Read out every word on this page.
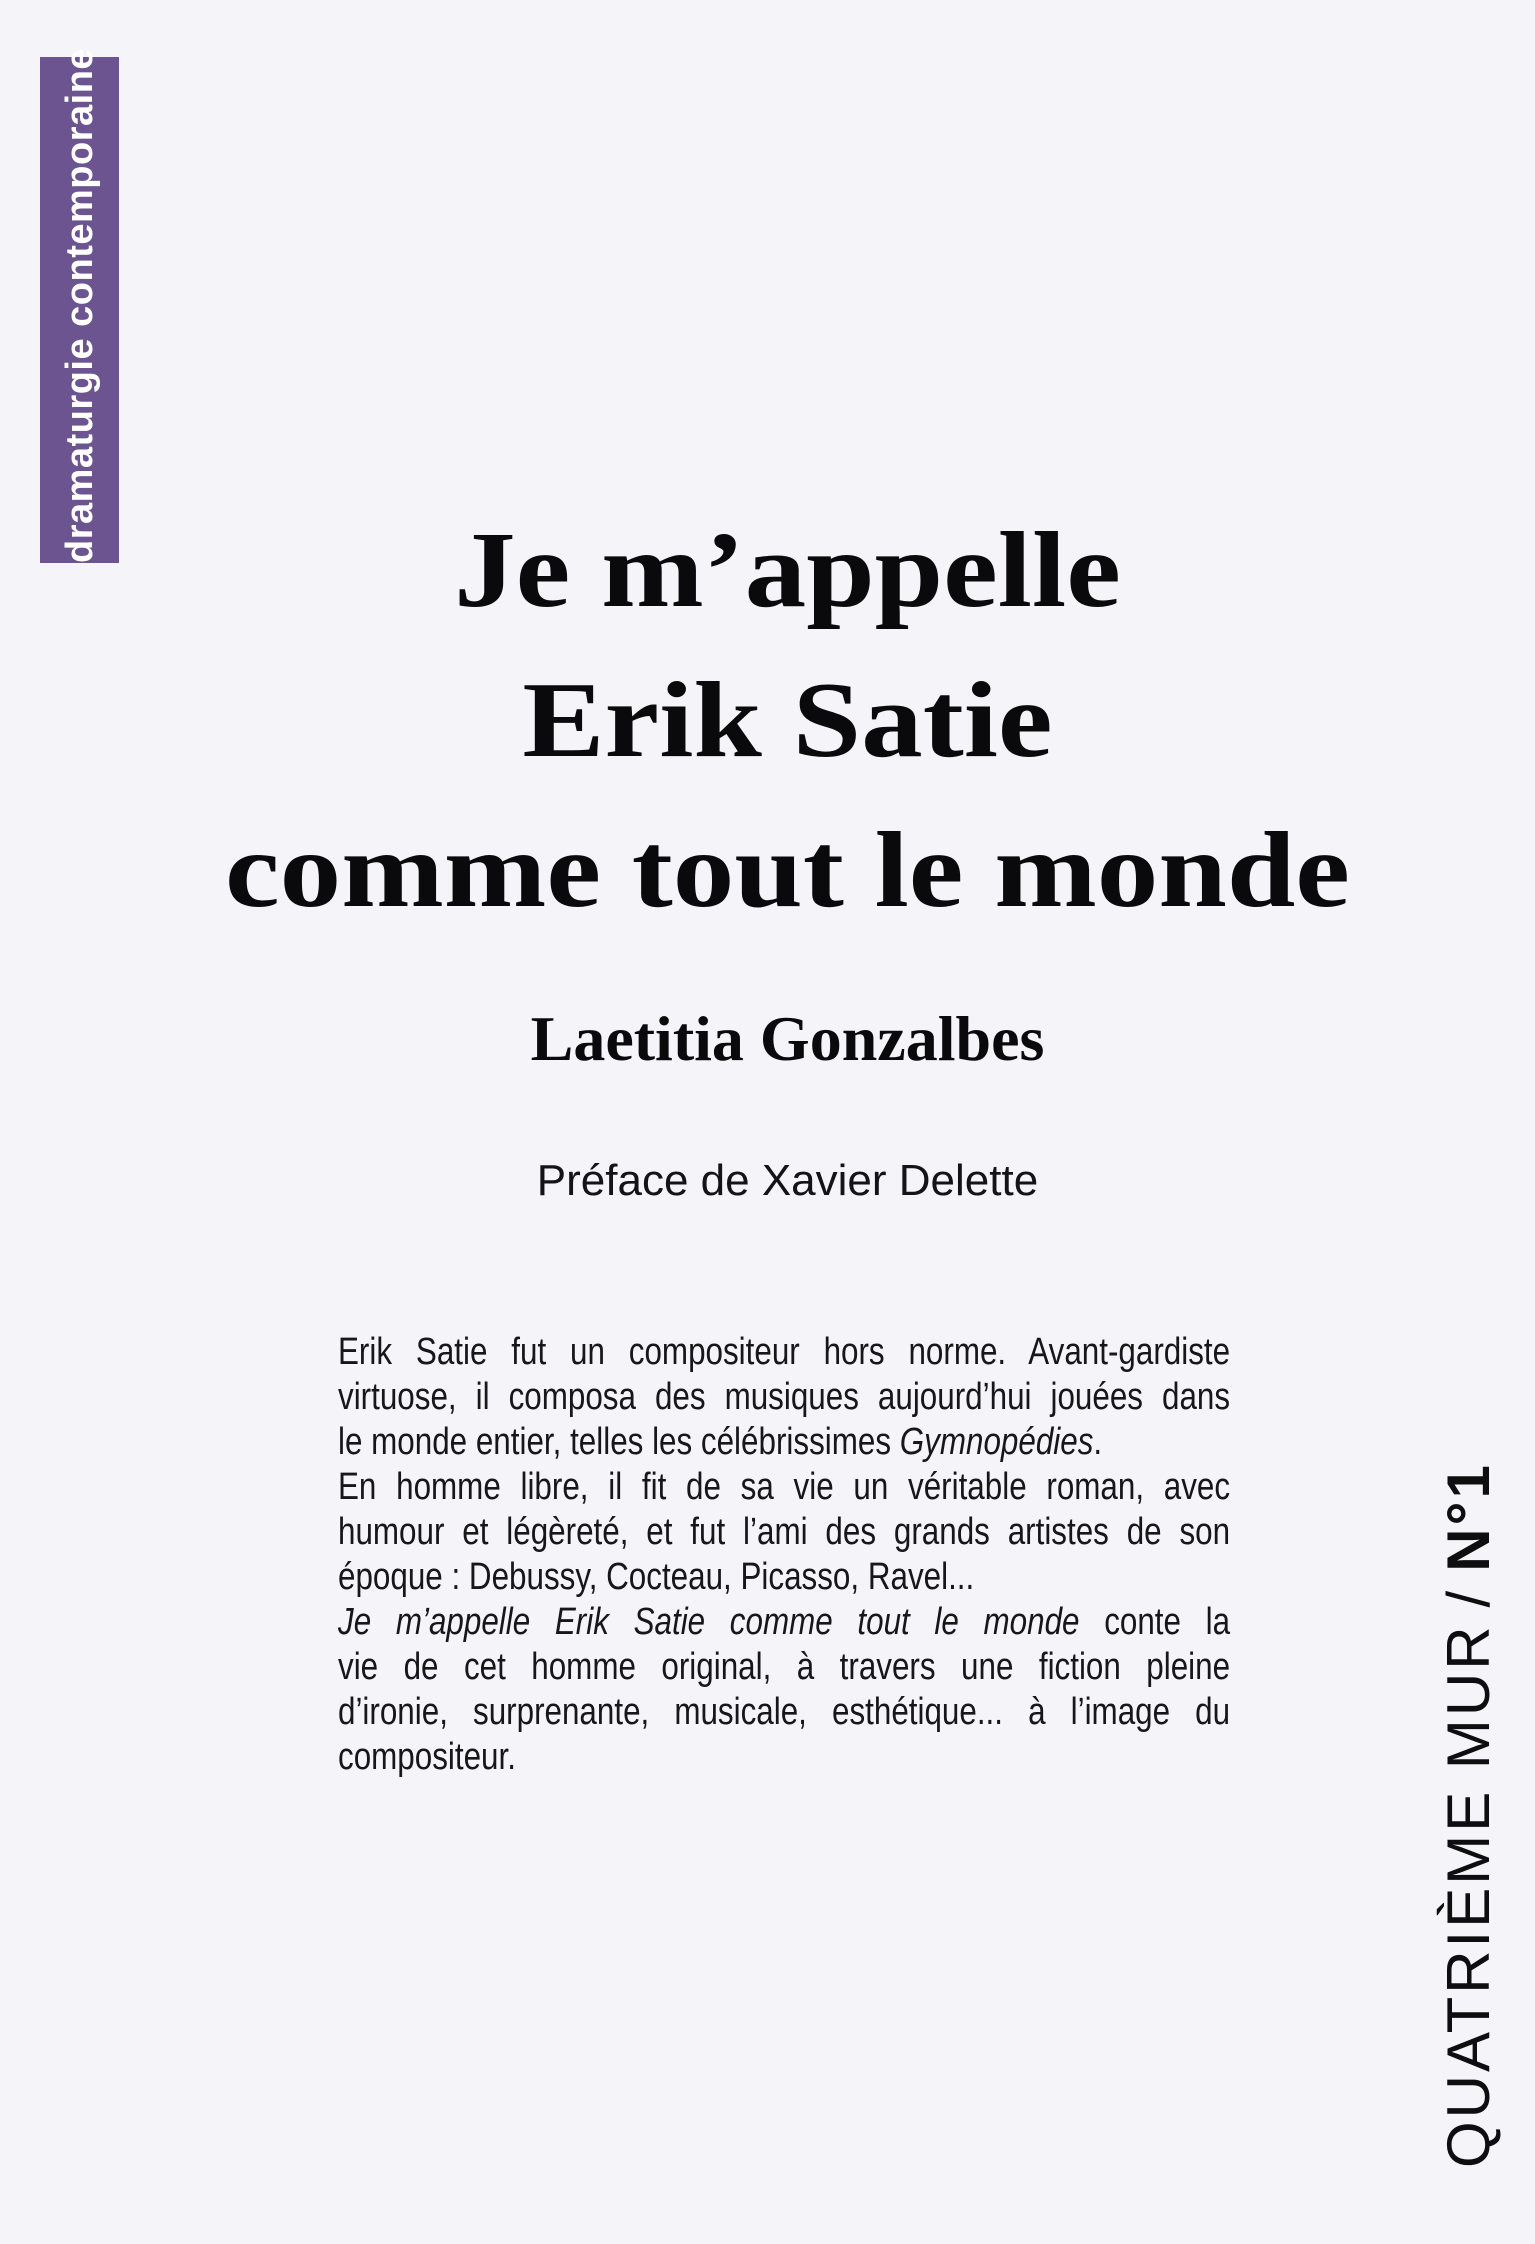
dramaturgie contemporaine
Je m’appelle
Erik Satie
comme tout le monde
Laetitia Gonzalbes
Préface de Xavier Delette
Erik Satie fut un compositeur hors norme. Avant-gardiste
virtuose, il composa des musiques aujourd’hui jouées dans
le monde entier, telles les célébrissimes Gymnopédies.
En homme libre, il fit de sa vie un véritable roman, avec
humour et légèreté, et fut l’ami des grands artistes de son
époque : Debussy, Cocteau, Picasso, Ravel...
Je m’appelle Erik Satie comme tout le monde conte la
vie de cet homme original, à travers une fiction pleine
d’ironie, surprenante, musicale, esthétique... à l’image du
compositeur.	QUATRIÈME MUR/N°1
